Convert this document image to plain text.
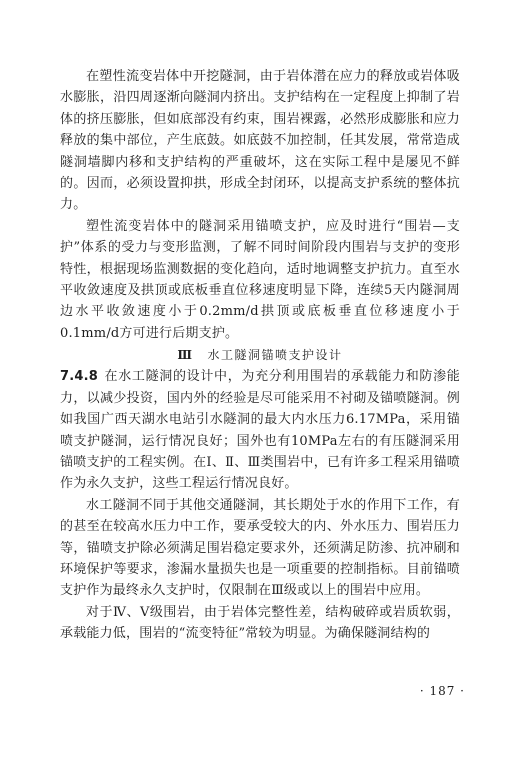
在塑性流变岩体中开挖隧洞，由于岩体潜在应力的释放或岩体吸水膨胀，沿四周逐渐向隧洞内挤出。支护结构在一定程度上抑制了岩体的挤压膨胀，但如底部没有约束，围岩裸露，必然形成膨胀和应力释放的集中部位，产生底鼓。如底鼓不加控制，任其发展，常常造成隧洞墙脚内移和支护结构的严重破坏，这在实际工程中是屡见不鲜的。因而，必须设置抑拱，形成全封闭环，以提高支护系统的整体抗力。

塑性流变岩体中的隧洞采用锚喷支护，应及时进行“围岩—支护”体系的受力与变形监测，了解不同时间阶段内围岩与支护的变形特性，根据现场监测数据的变化趋向，适时地调整支护抗力。直至水平收敛速度及拱顶或底板垂直位移速度明显下降，连续5天内隧洞周边水平收敛速度小于0.2mm/d拱顶或底板垂直位移速度小于0.1mm/d方可进行后期支护。

Ⅲ 水工隧洞锚喷支护设计

7.4.8 在水工隧洞的设计中，为充分利用围岩的承载能力和防渗能力，以减少投资，国内外的经验是尽可能采用不衬砌及锚喷隧洞。例如我国广西天湖水电站引水隧洞的最大内水压力6.17MPa，采用锚喷支护隧洞，运行情况良好；国外也有10MPa左右的有压隧洞采用锚喷支护的工程实例。在Ⅰ、Ⅱ、Ⅲ类围岩中，已有许多工程采用锚喷作为永久支护，这些工程运行情况良好。

水工隧洞不同于其他交通隧洞，其长期处于水的作用下工作，有的甚至在较高水压力中工作，要承受较大的内、外水压力、围岩压力等，锚喷支护除必须满足围岩稳定要求外，还须满足防渗、抗冲刷和环境保护等要求，渗漏水量损失也是一项重要的控制指标。目前锚喷支护作为最终永久支护时，仅限制在Ⅲ级或以上的围岩中应用。

对于Ⅳ、Ⅴ级围岩，由于岩体完整性差，结构破碎或岩质软弱，承载能力低，围岩的“流变特征”常较为明显。为确保隧洞结构的

· 187 ·
